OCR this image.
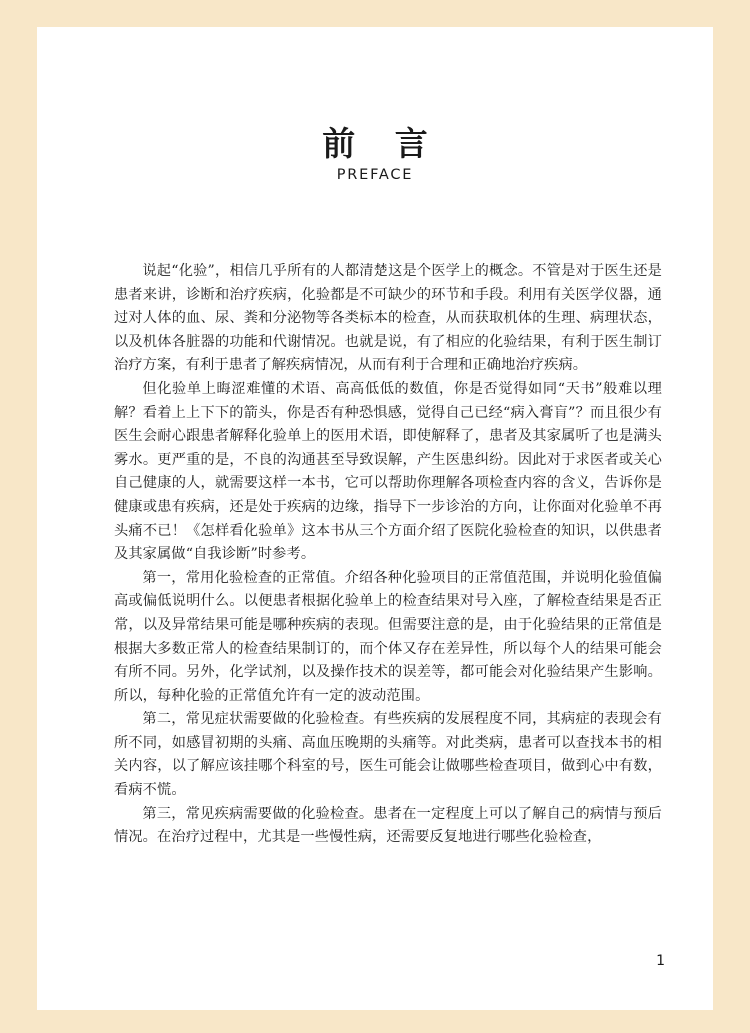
前 言
PREFACE

说起“化验”，相信几乎所有的人都清楚这是个医学上的概念。不管是对于医生还是患者来讲，诊断和治疗疾病，化验都是不可缺少的环节和手段。利用有关医学仪器，通过对人体的血、尿、粪和分泌物等各类标本的检查，从而获取机体的生理、病理状态，以及机体各脏器的功能和代谢情况。也就是说，有了相应的化验结果，有利于医生制订治疗方案，有利于患者了解疾病情况，从而有利于合理和正确地治疗疾病。

但化验单上晦涩难懂的术语、高高低低的数值，你是否觉得如同“天书”般难以理解？看着上上下下的箭头，你是否有种恐惧感，觉得自己已经“病入膏肓”？而且很少有医生会耐心跟患者解释化验单上的医用术语，即使解释了，患者及其家属听了也是满头雾水。更严重的是，不良的沟通甚至导致误解，产生医患纠纷。因此对于求医者或关心自己健康的人，就需要这样一本书，它可以帮助你理解各项检查内容的含义，告诉你是健康或患有疾病，还是处于疾病的边缘，指导下一步诊治的方向，让你面对化验单不再头痛不已！《怎样看化验单》这本书从三个方面介绍了医院化验检查的知识，以供患者及其家属做“自我诊断”时参考。

第一，常用化验检查的正常值。介绍各种化验项目的正常值范围，并说明化验值偏高或偏低说明什么。以便患者根据化验单上的检查结果对号入座，了解检查结果是否正常，以及异常结果可能是哪种疾病的表现。但需要注意的是，由于化验结果的正常值是根据大多数正常人的检查结果制订的，而个体又存在差异性，所以每个人的结果可能会有所不同。另外，化学试剂，以及操作技术的误差等，都可能会对化验结果产生影响。所以，每种化验的正常值允许有一定的波动范围。

第二，常见症状需要做的化验检查。有些疾病的发展程度不同，其病症的表现会有所不同，如感冒初期的头痛、高血压晚期的头痛等。对此类病，患者可以查找本书的相关内容，以了解应该挂哪个科室的号，医生可能会让做哪些检查项目，做到心中有数，看病不慌。

第三，常见疾病需要做的化验检查。患者在一定程度上可以了解自己的病情与预后情况。在治疗过程中，尤其是一些慢性病，还需要反复地进行哪些化验检查，

1
